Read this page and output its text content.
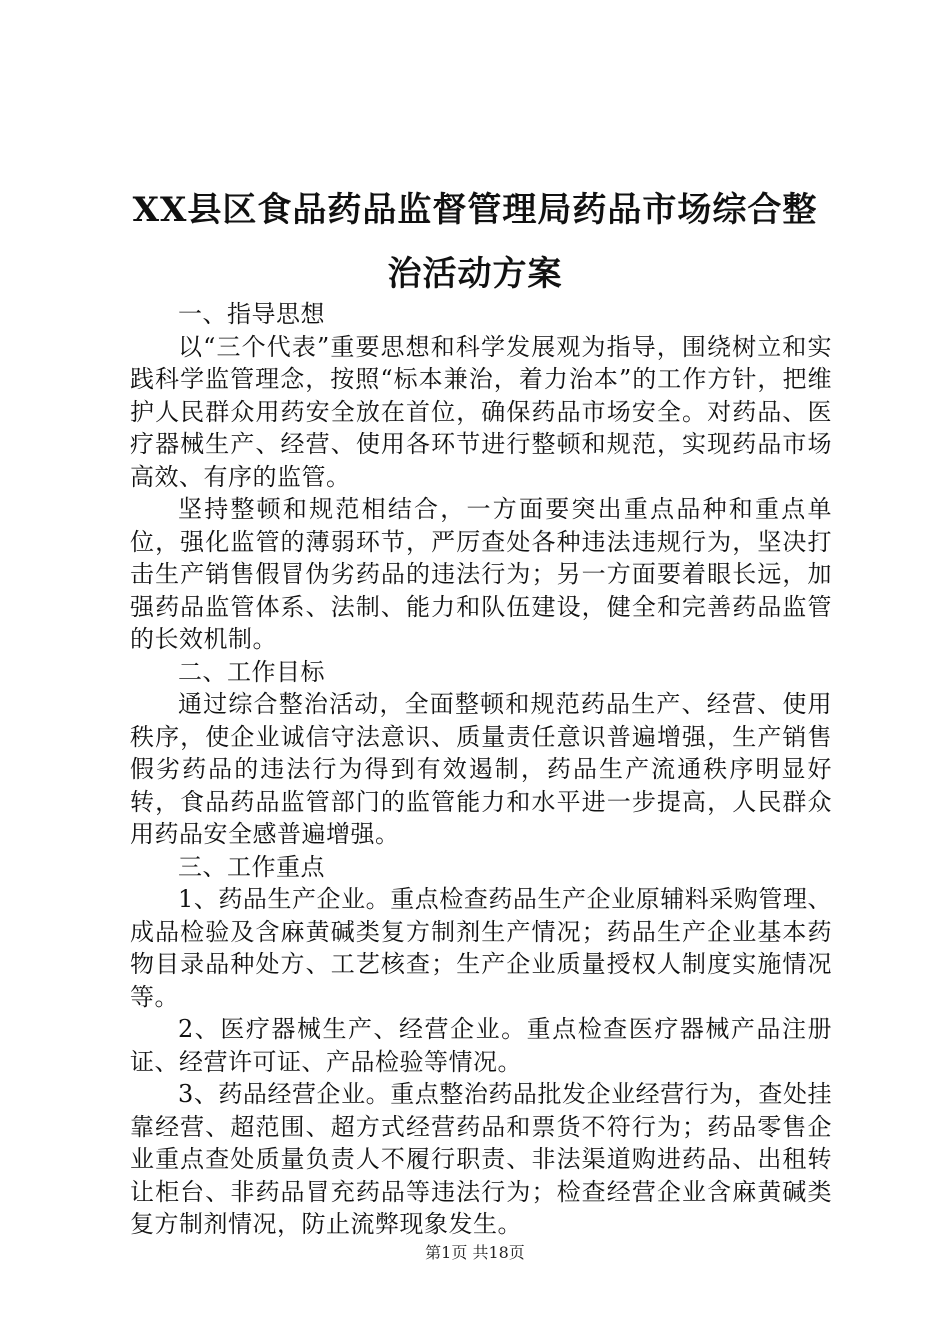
XX县区食品药品监督管理局药品市场综合整
治活动方案

一、指导思想

以“三个代表”重要思想和科学发展观为指导，围绕树立和实践科学监管理念，按照“标本兼治，着力治本”的工作方针，把维护人民群众用药安全放在首位，确保药品市场安全。对药品、医疗器械生产、经营、使用各环节进行整顿和规范，实现药品市场高效、有序的监管。

坚持整顿和规范相结合，一方面要突出重点品种和重点单位，强化监管的薄弱环节，严厉查处各种违法违规行为，坚决打击生产销售假冒伪劣药品的违法行为；另一方面要着眼长远，加强药品监管体系、法制、能力和队伍建设，健全和完善药品监管的长效机制。

二、工作目标

通过综合整治活动，全面整顿和规范药品生产、经营、使用秩序，使企业诚信守法意识、质量责任意识普遍增强，生产销售假劣药品的违法行为得到有效遏制，药品生产流通秩序明显好转，食品药品监管部门的监管能力和水平进一步提高，人民群众用药品安全感普遍增强。

三、工作重点

1、药品生产企业。重点检查药品生产企业原辅料采购管理、成品检验及含麻黄碱类复方制剂生产情况；药品生产企业基本药物目录品种处方、工艺核查；生产企业质量授权人制度实施情况等。

2、医疗器械生产、经营企业。重点检查医疗器械产品注册证、经营许可证、产品检验等情况。

3、药品经营企业。重点整治药品批发企业经营行为，查处挂靠经营、超范围、超方式经营药品和票货不符行为；药品零售企业重点查处质量负责人不履行职责、非法渠道购进药品、出租转让柜台、非药品冒充药品等违法行为；检查经营企业含麻黄碱类复方制剂情况，防止流弊现象发生。

第1页 共18页
